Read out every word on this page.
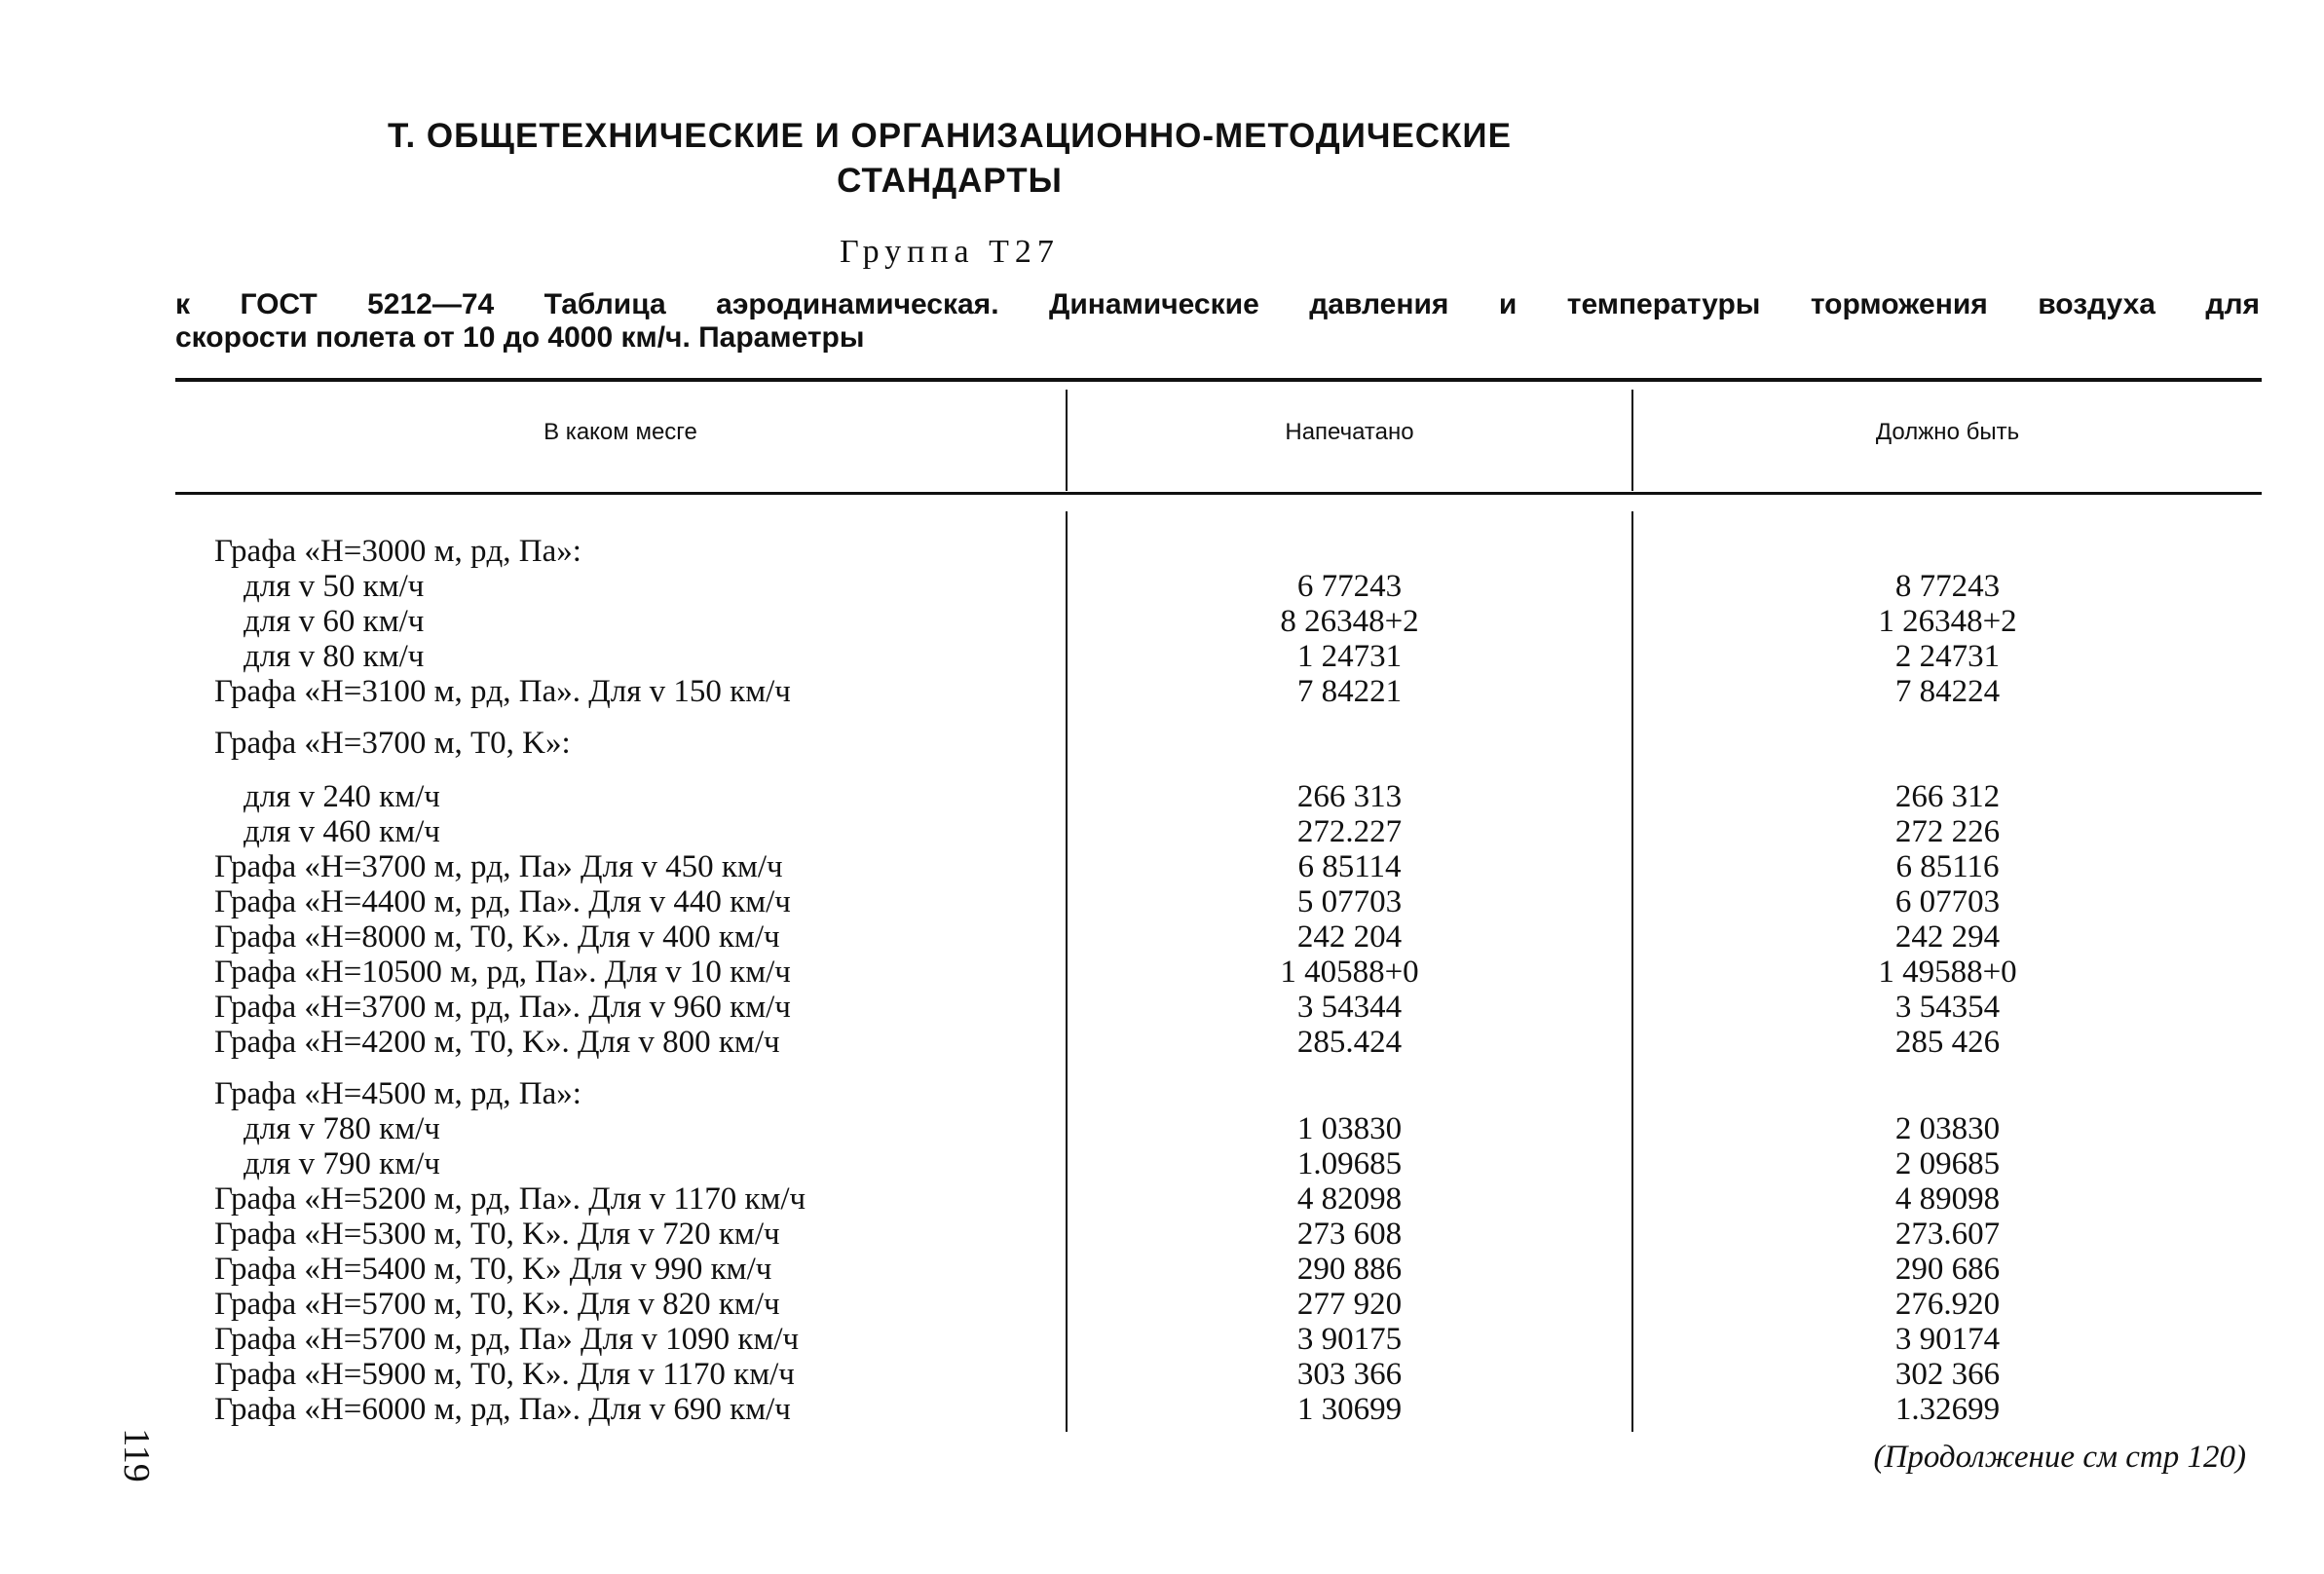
Т. ОБЩЕТЕХНИЧЕСКИЕ И ОРГАНИЗАЦИОННО-МЕТОДИЧЕСКИЕ
СТАНДАРТЫ
Группа Т27
к ГОСТ 5212—74 Таблица аэродинамическая. Динамические давления и температуры торможения воздуха для
скорости полета от 10 до 4000 км/ч. Параметры
В каком месге	Напечатано	Должно быть
Графа «H=3000 м, pд, Па»:
для v 50 км/ч	6 77243	8 77243
для v 60 км/ч	8 26348+2	1 26348+2
для v 80 км/ч	1 24731	2 24731
Графа «H=3100 м, pд, Па». Для v 150 км/ч	7 84221	7 84224
Графа «H=3700 м, T0, K»:
для v 240 км/ч	266 313	266 312
для v 460 км/ч	272.227	272 226
Графа «H=3700 м, pд, Па» Для v 450 км/ч	6 85114	6 85116
Графа «H=4400 м, pд, Па». Для v 440 км/ч	5 07703	6 07703
Графа «H=8000 м, T0, K». Для v 400 км/ч	242 204	242 294
Графа «H=10500 м, pд, Па». Для v 10 км/ч	1 40588+0	1 49588+0
Графа «H=3700 м, pд, Па». Для v 960 км/ч	3 54344	3 54354
Графа «H=4200 м, T0, K». Для v 800 км/ч	285.424	285 426
Графа «H=4500 м, pд, Па»:
для v 780 км/ч	1 03830	2 03830
для v 790 км/ч	1.09685	2 09685
Графа «H=5200 м, pд, Па». Для v 1170 км/ч	4 82098	4 89098
Графа «H=5300 м, T0, K». Для v 720 км/ч	273 608	273.607
Графа «H=5400 м, T0, K» Для v 990 км/ч	290 886	290 686
Графа «H=5700 м, T0, K». Для v 820 км/ч	277 920	276.920
Графа «H=5700 м, pд, Па» Для v 1090 км/ч	3 90175	3 90174
Графа «H=5900 м, T0, K». Для v 1170 км/ч	303 366	302 366
Графа «H=6000 м, pд, Па». Для v 690 км/ч	1 30699	1.32699
(Продолжение см стр 120)
119
